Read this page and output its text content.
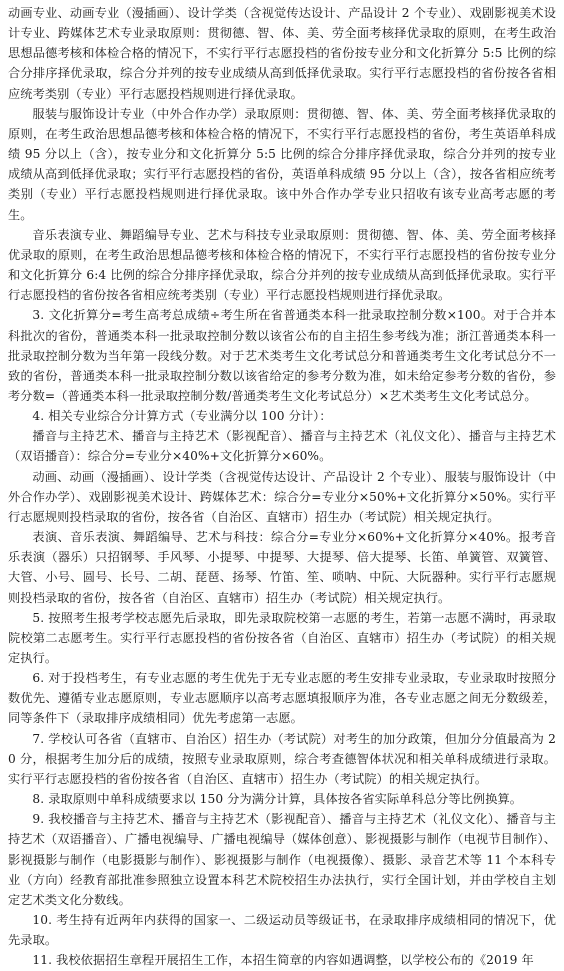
动画专业、动画专业（漫插画）、设计学类（含视觉传达设计、产品设计 2 个专业）、戏剧影视美术设计专业、跨媒体艺术专业录取原则：贯彻德、智、体、美、劳全面考核择优录取的原则，在考生政治思想品德考核和体检合格的情况下，不实行平行志愿投档的省份按专业分和文化折算分 5:5 比例的综合分排序择优录取，综合分并列的按专业成绩从高到低择优录取。实行平行志愿投档的省份按各省相应统考类别（专业）平行志愿投档规则进行择优录取。

服装与服饰设计专业（中外合作办学）录取原则：贯彻德、智、体、美、劳全面考核择优录取的原则，在考生政治思想品德考核和体检合格的情况下，不实行平行志愿投档的省份，考生英语单科成绩 95 分以上（含），按专业分和文化折算分 5:5 比例的综合分排序择优录取，综合分并列的按专业成绩从高到低择优录取；实行平行志愿投档的省份，英语单科成绩 95 分以上（含），按各省相应统考类别（专业）平行志愿投档规则进行择优录取。该中外合作办学专业只招收有该专业高考志愿的考生。

音乐表演专业、舞蹈编导专业、艺术与科技专业录取原则：贯彻德、智、体、美、劳全面考核择优录取的原则，在考生政治思想品德考核和体检合格的情况下，不实行平行志愿投档的省份按专业分和文化折算分 6:4 比例的综合分排序择优录取，综合分并列的按专业成绩从高到低择优录取。实行平行志愿投档的省份按各省相应统考类别（专业）平行志愿投档规则进行择优录取。

3. 文化折算分=考生高考总成绩÷考生所在省普通类本科一批录取控制分数×100。对于合并本科批次的省份，普通类本科一批录取控制分数以该省公布的自主招生参考线为准；浙江普通类本科一批录取控制分数为当年第一段线分数。对于艺术类考生文化考试总分和普通类考生文化考试总分不一致的省份，普通类本科一批录取控制分数以该省给定的参考分数为准，如未给定参考分数的省份，参考分数=（普通类本科一批录取控制分数/普通类考生文化考试总分）×艺术类考生文化考试总分。

4. 相关专业综合分计算方式（专业满分以 100 分计）：

播音与主持艺术、播音与主持艺术（影视配音）、播音与主持艺术（礼仪文化）、播音与主持艺术（双语播音）：综合分=专业分×40%+文化折算分×60%。

动画、动画（漫插画）、设计学类（含视觉传达设计、产品设计 2 个专业）、服装与服饰设计（中外合作办学）、戏剧影视美术设计、跨媒体艺术：综合分=专业分×50%+文化折算分×50%。实行平行志愿规则投档录取的省份，按各省（自治区、直辖市）招生办（考试院）相关规定执行。

表演、音乐表演、舞蹈编导、艺术与科技：综合分=专业分×60%+文化折算分×40%。报考音乐表演（器乐）只招钢琴、手风琴、小提琴、中提琴、大提琴、倍大提琴、长笛、单簧管、双簧管、大管、小号、圆号、长号、二胡、琵琶、扬琴、竹笛、笙、唢呐、中阮、大阮器种。实行平行志愿规则投档录取的省份，按各省（自治区、直辖市）招生办（考试院）相关规定执行。

5. 按照考生报考学校志愿先后录取，即先录取院校第一志愿的考生，若第一志愿不满时，再录取院校第二志愿考生。实行平行志愿投档的省份按各省（自治区、直辖市）招生办（考试院）的相关规定执行。

6. 对于投档考生，有专业志愿的考生优先于无专业志愿的考生安排专业录取，专业录取时按照分数优先、遵循专业志愿原则，专业志愿顺序以高考志愿填报顺序为准，各专业志愿之间无分数级差，同等条件下（录取排序成绩相同）优先考虑第一志愿。

7. 学校认可各省（直辖市、自治区）招生办（考试院）对考生的加分政策，但加分分值最高为 20 分，根据考生加分后的成绩，按照专业录取原则，综合考查德智体状况和相关单科成绩进行录取。实行平行志愿投档的省份按各省（自治区、直辖市）招生办（考试院）的相关规定执行。

8. 录取原则中单科成绩要求以 150 分为满分计算，具体按各省实际单科总分等比例换算。

9. 我校播音与主持艺术、播音与主持艺术（影视配音）、播音与主持艺术（礼仪文化）、播音与主持艺术（双语播音）、广播电视编导、广播电视编导（媒体创意）、影视摄影与制作（电视节目制作）、影视摄影与制作（电影摄影与制作）、影视摄影与制作（电视摄像）、摄影、录音艺术等 11 个本科专业（方向）经教育部批准参照独立设置本科艺术院校招生办法执行，实行全国计划，并由学校自主划定艺术类文化分数线。

10. 考生持有近两年内获得的国家一、二级运动员等级证书，在录取排序成绩相同的情况下，优先录取。

11. 我校依据招生章程开展招生工作，本招生简章的内容如遇调整，以学校公布的《2019 年
